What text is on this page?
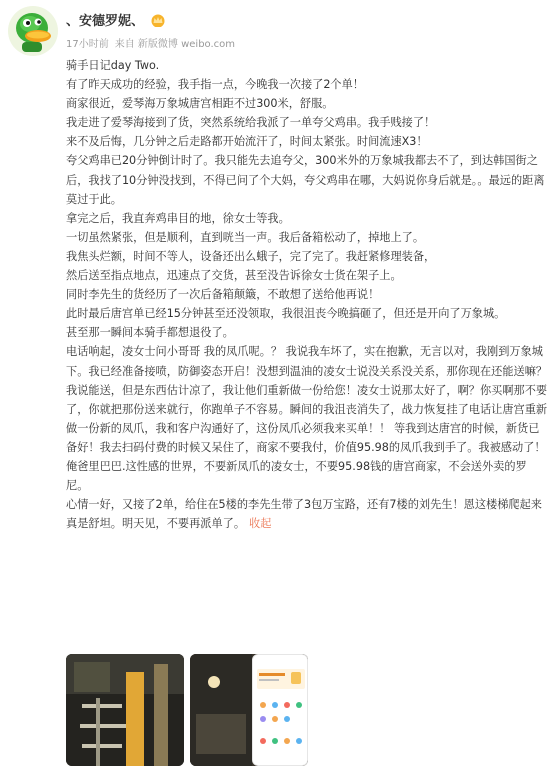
、安德罗妮、
17小时前 来自 新版微博 weibo.com

骑手日记day Two.

有了昨天成功的经验，我手指一点，今晚我一次接了2个单！

商家很近，爱琴海万象城唐宫相距不过300米，舒服。

我走进了爱琴海接到了货，突然系统给我派了一单夸父鸡串。我手贱接了！

来不及后悔，几分钟之后走路都开始流汗了，时间太紧张。时间流速X3！

夸父鸡串已20分钟倒计时了。我只能先去追夸父，300米外的万象城我都去不了，到达韩国街之后，我找了10分钟没找到，不得已问了个大妈，夸父鸡串在哪，大妈说你身后就是。。最远的距离莫过于此。

拿完之后，我直奔鸡串目的地，徐女士等我。

一切虽然紧张，但是顺利，直到咣当一声。我后备箱松动了，掉地上了。

我焦头烂额，时间不等人，设备还出么蛾子，完了完了。我赶紧修理装备，

然后送至指点地点，迅速点了交货，甚至没告诉徐女士货在架子上。

同时李先生的货经历了一次后备箱颠簸，不敢想了送给他再说！

此时最后唐宫单已经15分钟甚至还没领取，我很沮丧今晚搞砸了，但还是开向了万象城。

甚至那一瞬间本骑手都想退役了。

电话响起，凌女士问小哥哥 我的凤爪呢。？ 我说我车坏了，实在抱歉，无言以对，我刚到万象城下。我已经准备接喷，防御姿态开启！没想到温油的凌女士说没关系没关系，那你现在还能送嘛？我说能送，但是东西估计凉了，我让他们重新做一份给您！凌女士说那太好了，啊？你买啊那不要了，你就把那份送来就行，你跑单子不容易。瞬间的我沮丧消失了，战力恢复挂了电话让唐宫重新做一份新的凤爪，我和客户沟通好了，这份凤爪必须我来买单！！ 等我到达唐宫的时候，新货已备好！我去扫码付费的时候又呆住了，商家不要我付，价值95.98的凤爪我到手了。我被感动了！

俺爸里巴巴.这性感的世界，不要新凤爪的凌女士，不要95.98钱的唐宫商家，不会送外卖的罗尼。

心情一好，又接了2单，给住在5楼的李先生带了3包万宝路，还有7楼的刘先生！恩这楼梯爬起来真是舒坦。明天见，不要再派单了。 收起
